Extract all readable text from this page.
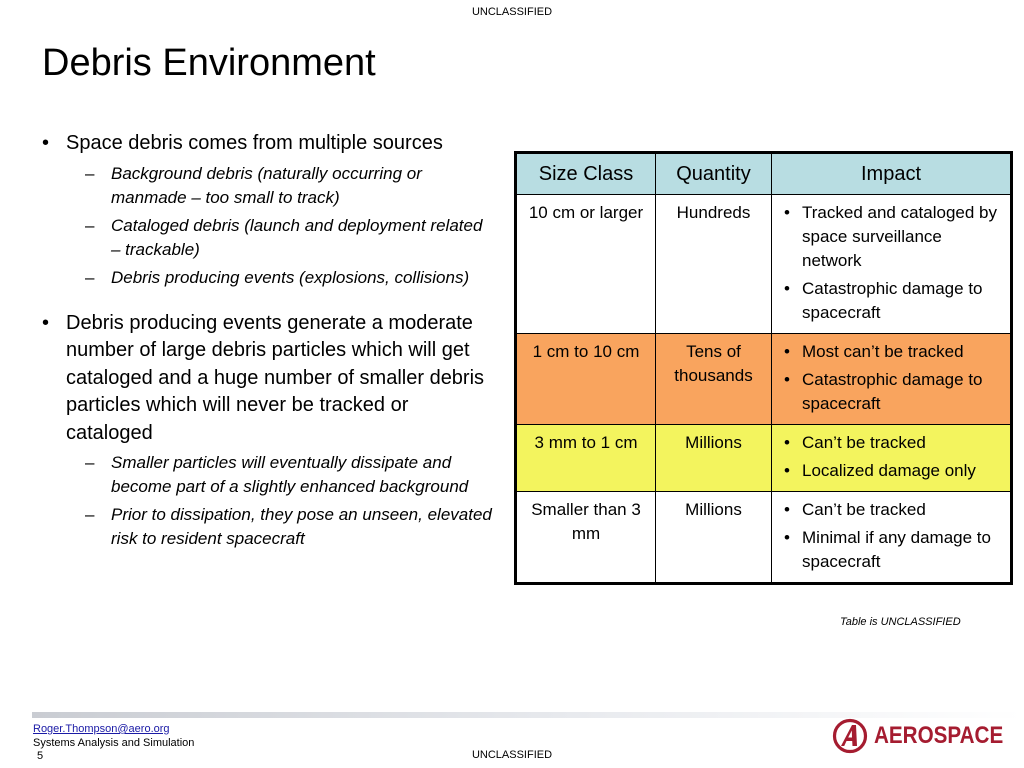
UNCLASSIFIED
Debris Environment
• Space debris comes from multiple sources
– Background debris (naturally occurring or manmade – too small to track)
– Cataloged debris (launch and deployment related – trackable)
– Debris producing events (explosions, collisions)
• Debris producing events generate a moderate number of large debris particles which will get cataloged and a huge number of smaller debris particles which will never be tracked or cataloged
– Smaller particles will eventually dissipate and become part of a slightly enhanced background
– Prior to dissipation, they pose an unseen, elevated risk to resident spacecraft
Size Class	Quantity	Impact
10 cm or larger	Hundreds	• Tracked and cataloged by space surveillance network
• Catastrophic damage to spacecraft

1 cm to 10 cm	Tens of thousands	• Most can’t be tracked
• Catastrophic damage to spacecraft

3 mm to 1 cm	Millions	• Can’t be tracked
• Localized damage only

Smaller than 3 mm	Millions	• Can’t be tracked
• Minimal if any damage to spacecraft
Table is UNCLASSIFIED
Roger.Thompson@aero.org
Systems Analysis and Simulation
5
AEROSPACE
UNCLASSIFIED
